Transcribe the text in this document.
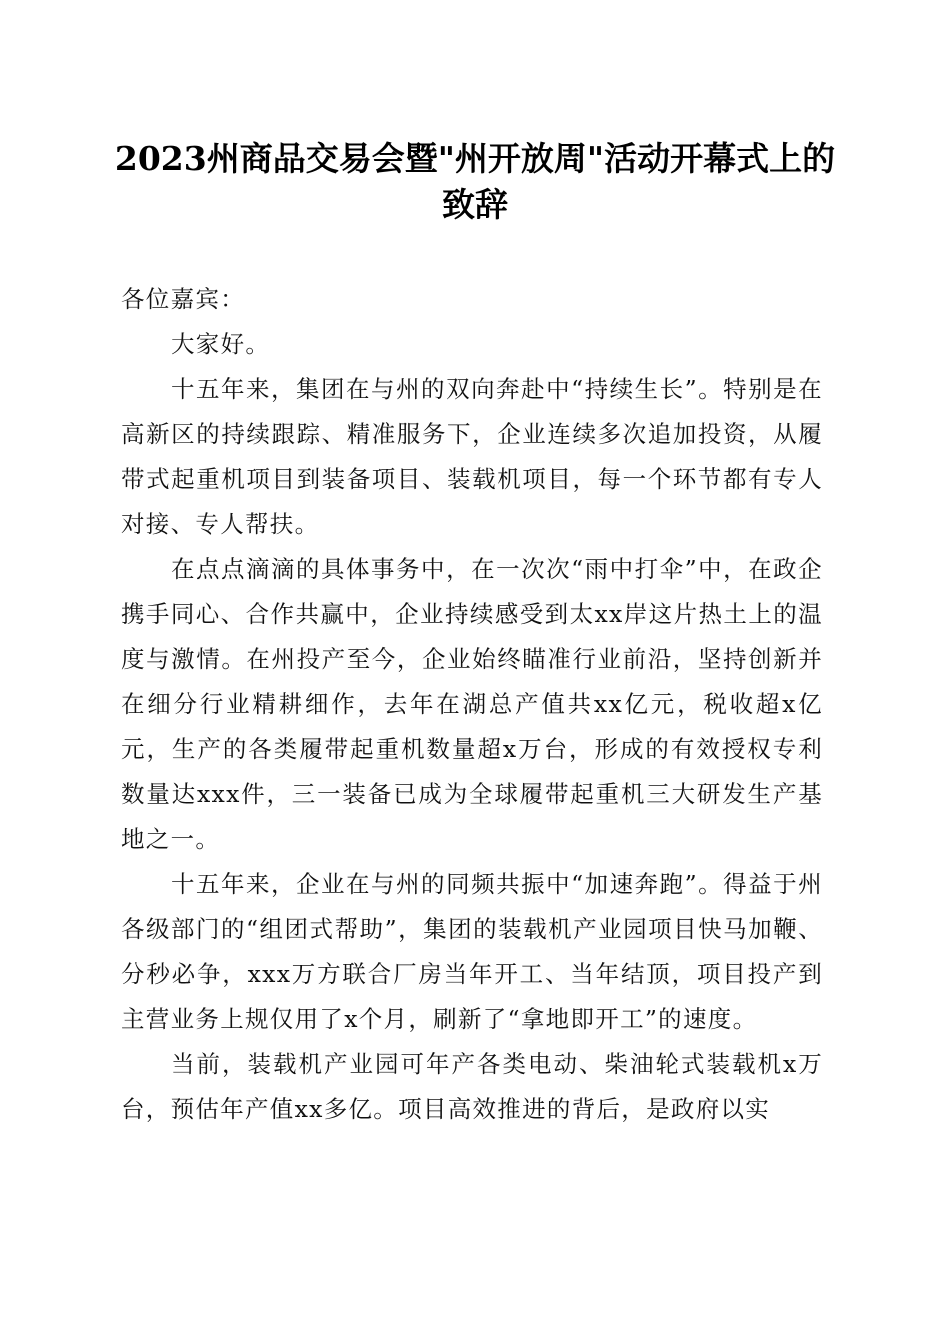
2023州商品交易会暨"州开放周"活动开幕式上的致辞

各位嘉宾：

大家好。

十五年来，集团在与州的双向奔赴中“持续生长”。特别是在高新区的持续跟踪、精准服务下，企业连续多次追加投资，从履带式起重机项目到装备项目、装载机项目，每一个环节都有专人对接、专人帮扶。

在点点滴滴的具体事务中，在一次次“雨中打伞”中，在政企携手同心、合作共赢中，企业持续感受到太xx岸这片热土上的温度与激情。在州投产至今，企业始终瞄准行业前沿，坚持创新并在细分行业精耕细作，去年在湖总产值共xx亿元，税收超x亿元，生产的各类履带起重机数量超x万台，形成的有效授权专利数量达xxx件，三一装备已成为全球履带起重机三大研发生产基地之一。

十五年来，企业在与州的同频共振中“加速奔跑”。得益于州各级部门的“组团式帮助”，集团的装载机产业园项目快马加鞭、分秒必争，xxx万方联合厂房当年开工、当年结顶，项目投产到主营业务上规仅用了x个月，刷新了“拿地即开工”的速度。

当前，装载机产业园可年产各类电动、柴油轮式装载机x万台，预估年产值xx多亿。项目高效推进的背后，是政府以实
